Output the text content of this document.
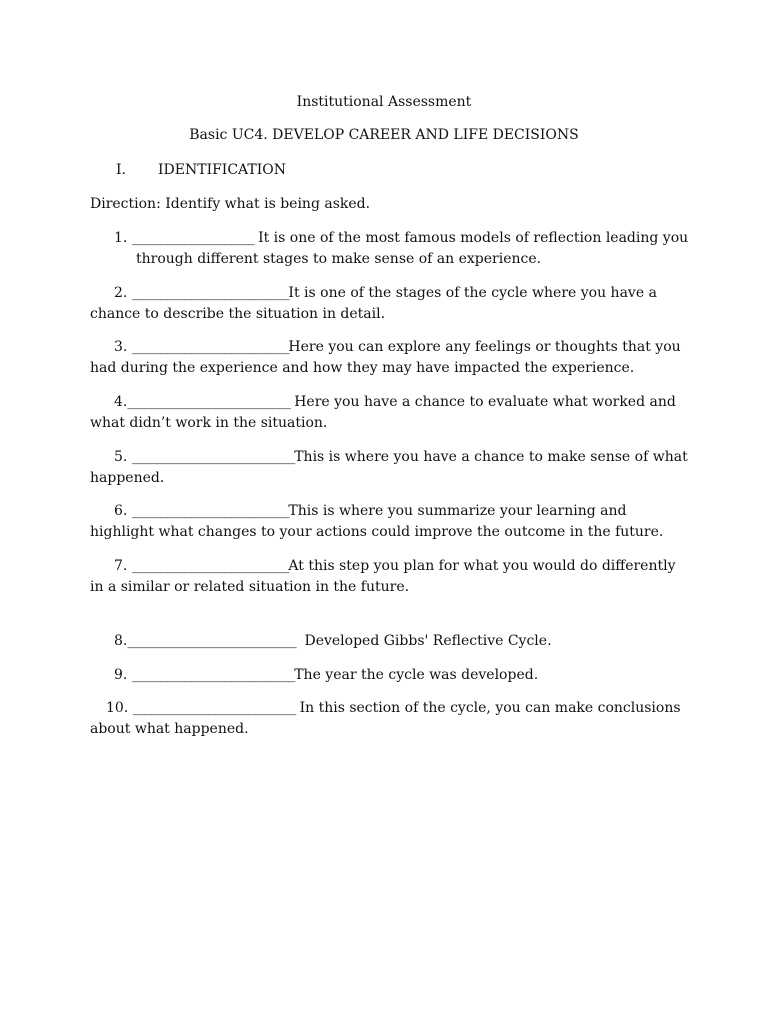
Institutional Assessment
Basic UC4. DEVELOP CAREER AND LIFE DECISIONS
I. IDENTIFICATION
Direction: Identify what is being asked.
1. _____________________ It is one of the most famous models of reflection leading you
through different stages to make sense of an experience.
2. ___________________________It is one of the stages of the cycle where you have a
chance to describe the situation in detail.
3. ___________________________Here you can explore any feelings or thoughts that you
had during the experience and how they may have impacted the experience.
4.____________________________ Here you have a chance to evaluate what worked and
what didn’t work in the situation.
5. ____________________________This is where you have a chance to make sense of what
happened.
6. ___________________________This is where you summarize your learning and
highlight what changes to your actions could improve the outcome in the future.
7. ___________________________At this step you plan for what you would do differently
in a similar or related situation in the future.
8._____________________________  Developed Gibbs' Reflective Cycle.
9. ____________________________The year the cycle was developed.
10. ____________________________ In this section of the cycle, you can make conclusions
about what happened.
